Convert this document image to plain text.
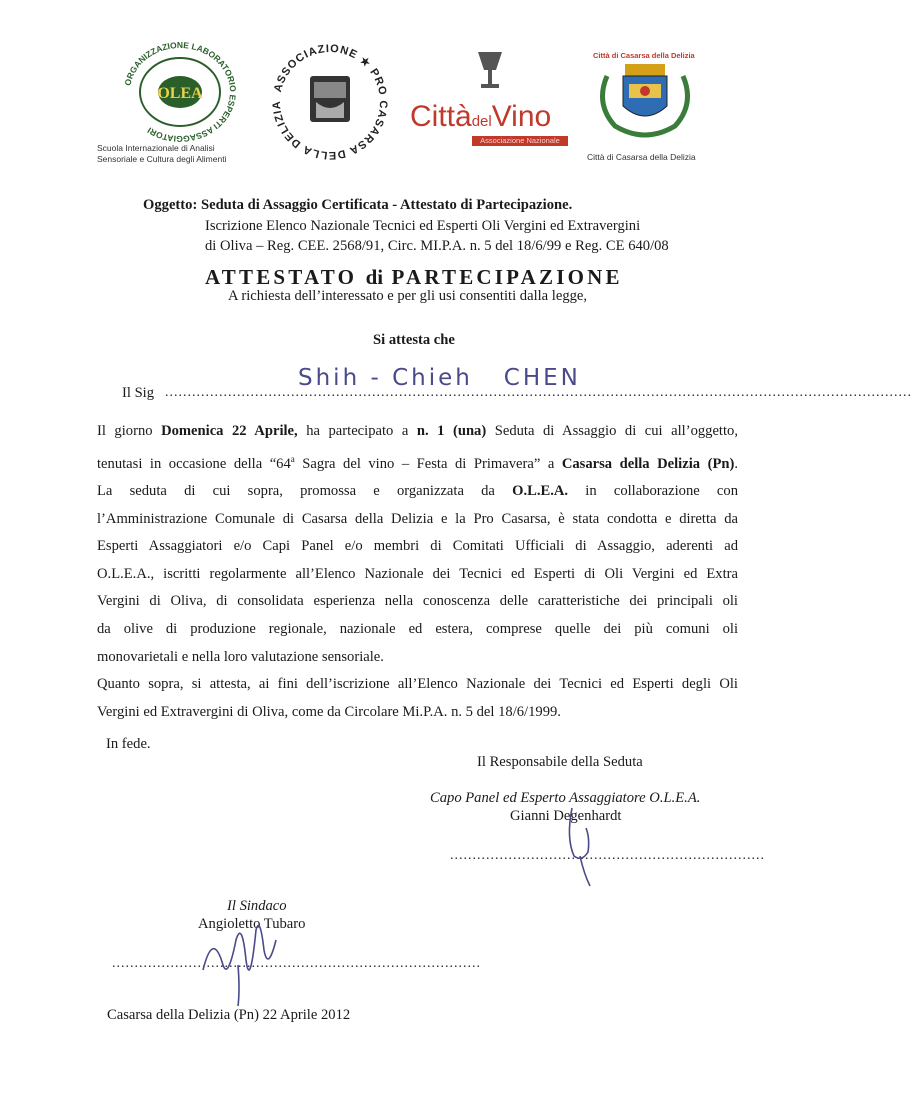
ORGANIZZAZIONE LABORATORIO ESPERTI ASSAGGIATORI
OLEA
Scuola Internazionale di Analisi
Sensoriale e Cultura degli Alimenti
ASSOCIAZIONE ★ PRO CASARSA DELLA DELIZIA	CittàdelVino
Associazione Nazionale
Città di Casarsa della Delizia
Città di Casarsa della Delizia
Oggetto: Seduta di Assaggio Certificata - Attestato di Partecipazione.
Iscrizione Elenco Nazionale Tecnici ed Esperti Oli Vergini ed Extravergini
di Oliva – Reg. CEE. 2568/91, Circ. MI.P.A. n. 5 del 18/6/99 e Reg. CE 640/08
ATTESTATO di PARTECIPAZIONE
A richiesta dell’interessato e per gli usi consentiti dalla legge,
Si attesta che
Il Sig ......................................................................................................................................................................
Shih - Chieh   CHEN
Il giorno Domenica 22 Aprile, ha partecipato a n. 1 (una) Seduta di Assaggio di cui all’oggetto,
tenutasi in occasione della “64$^a$ Sagra del vino – Festa di Primavera” a Casarsa della Delizia (Pn).
La seduta di cui sopra, promossa e organizzata da O.L.E.A. in collaborazione con
l’Amministrazione Comunale di Casarsa della Delizia e la Pro Casarsa, è stata condotta e diretta da
Esperti Assaggiatori e/o Capi Panel e/o membri di Comitati Ufficiali di Assaggio, aderenti ad
O.L.E.A., iscritti regolarmente all’Elenco Nazionale dei Tecnici ed Esperti di Oli Vergini ed Extra
Vergini di Oliva, di consolidata esperienza nella conoscenza delle caratteristiche dei principali oli
da olive di produzione regionale, nazionale ed estera, comprese quelle dei più comuni oli
monovarietali e nella loro valutazione sensoriale.
Quanto sopra, si attesta, ai fini dell’iscrizione all’Elenco Nazionale dei Tecnici ed Esperti degli Oli
Vergini ed Extravergini di Oliva, come da Circolare Mi.P.A. n. 5 del 18/6/1999.
In fede.
Il Responsabile della Seduta
Capo Panel ed Esperto Assaggiatore O.L.E.A.
Gianni Degenhardt
......................................................................
Il Sindaco
Angioletto Tubaro
..................................................................................
Casarsa della Delizia (Pn) 22 Aprile 2012
